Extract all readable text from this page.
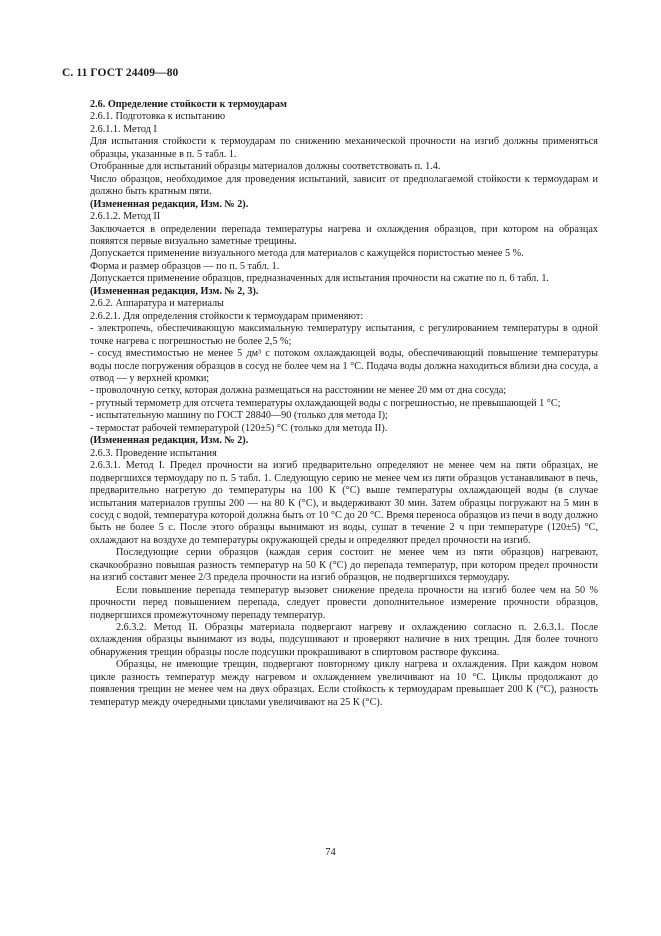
С. 11 ГОСТ 24409—80

2.6. Определение стойкости к термоударам

2.6.1. Подготовка к испытанию

2.6.1.1. Метод I

Для испытания стойкости к термоударам по снижению механической прочности на изгиб должны применяться образцы, указанные в п. 5 табл. 1.

Отобранные для испытаний образцы материалов должны соответствовать п. 1.4.

Число образцов, необходимое для проведения испытаний, зависит от предполагаемой стойкости к термоударам и должно быть кратным пяти.

(Измененная редакция, Изм. № 2).

2.6.1.2. Метод II

Заключается в определении перепада температуры нагрева и охлаждения образцов, при котором на образцах появятся первые визуально заметные трещины.

Допускается применение визуального метода для материалов с кажущейся пористостью менее 5 %.

Форма и размер образцов — по п. 5 табл. 1.

Допускается применение образцов, предназначенных для испытания прочности на сжатие по п. 6 табл. 1.

(Измененная редакция, Изм. № 2, 3).

2.6.2. Аппаратура и материалы

2.6.2.1. Для определения стойкости к термоударам применяют:

- электропечь, обеспечивающую максимальную температуру испытания, с регулированием температуры в одной точке нагрева с погрешностью не более 2,5 %;

- сосуд вместимостью не менее 5 дм³ с потоком охлаждающей воды, обеспечивающий повышение температуры воды после погружения образцов в сосуд не более чем на 1 °С. Подача воды должна находиться вблизи дна сосуда, а отвод — у верхней кромки;

- проволочную сетку, которая должна размещаться на расстоянии не менее 20 мм от дна сосуда;

- ртутный термометр для отсчета температуры охлаждающей воды с погрешностью, не превышающей 1 °С;

- испытательную машину по ГОСТ 28840—90 (только для метода I);

- термостат рабочей температурой (120±5) °С (только для метода II).

(Измененная редакция, Изм. № 2).

2.6.3. Проведение испытания

2.6.3.1. Метод I. Предел прочности на изгиб предварительно определяют не менее чем на пяти образцах, не подвергшихся термоудару по п. 5 табл. 1. Следующую серию не менее чем из пяти образцов устанавливают в печь, предварительно нагретую до температуры на 100 К (°С) выше температуры охлаждающей воды (в случае испытания материалов группы 200 — на 80 К (°С), и выдерживают 30 мин. Затем образцы погружают на 5 мин в сосуд с водой, температура которой должна быть от 10 °С до 20 °С. Время переноса образцов из печи в воду должно быть не более 5 с. После этого образцы вынимают из воды, сушат в течение 2 ч при температуре (120±5) °С, охлаждают на воздухе до температуры окружающей среды и определяют предел прочности на изгиб.

Последующие серии образцов (каждая серия состоит не менее чем из пяти образцов) нагревают, скачкообразно повышая разность температур на 50 К (°С) до перепада температур, при котором предел прочности на изгиб составит менее 2/3 предела прочности на изгиб образцов, не подвергшихся термоудару.

Если повышение перепада температур вызовет снижение предела прочности на изгиб более чем на 50 % прочности перед повышением перепада, следует провести дополнительное измерение прочности образцов, подвергшихся промежуточному перепаду температур.

2.6.3.2. Метод II. Образцы материала подвергают нагреву и охлаждению согласно п. 2.6.3.1. После охлаждения образцы вынимают из воды, подсушивают и проверяют наличие в них трещин. Для более точного обнаружения трещин образцы после подсушки прокрашивают в спиртовом растворе фуксина.

Образцы, не имеющие трещин, подвергают повторному циклу нагрева и охлаждения. При каждом новом цикле разность температур между нагревом и охлаждением увеличивают на 10 °С. Циклы продолжают до появления трещин не менее чем на двух образцах. Если стойкость к термоударам превышает 200 К (°С), разность температур между очередными циклами увеличивают на 25 К (°С).

74
